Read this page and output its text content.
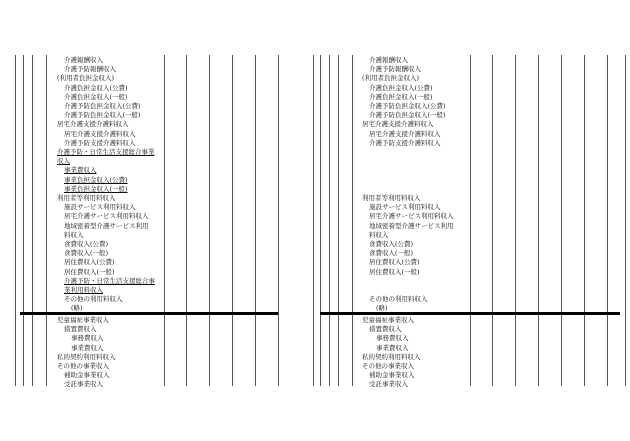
介護報酬収入
介護予防報酬収入
(利用者負担金収入)
介護負担金収入(公費)
介護負担金収入(一般)
介護予防負担金収入(公費)
介護予防負担金収入(一般)
居宅介護支援介護料収入
居宅介護支援介護料収入
介護予防支援介護料収入
介護予防・日常生活支援総合事業
収入
事業費収入
事業負担金収入(公費)
事業負担金収入(一般)
利用者等利用料収入
施設サービス利用料収入
居宅介護サービス利用料収入
地域密着型介護サービス利用
料収入
食費収入(公費)
食費収入(一般)
居住費収入(公費)
居住費収入(一般)
介護予防・日常生活支援総合事
業利用料収入
その他の利用料収入
(略)
児童福祉事業収入
措置費収入
事務費収入
事業費収入
私的契約利用料収入
その他の事業収入
補助金事業収入
受託事業収入
介護報酬収入
介護予防報酬収入
(利用者負担金収入)
介護負担金収入(公費)
介護負担金収入(一般)
介護予防負担金収入(公費)
介護予防負担金収入(一般)
居宅介護支援介護料収入
居宅介護支援介護料収入
介護予防支援介護料収入
利用者等利用料収入
施設サービス利用料収入
居宅介護サービス利用料収入
地域密着型介護サービス利用
料収入
食費収入(公費)
食費収入(一般)
居住費収入(公費)
居住費収入(一般)
その他の利用料収入
(略)
児童福祉事業収入
措置費収入
事務費収入
事業費収入
私的契約利用料収入
その他の事業収入
補助金事業収入
受託事業収入
